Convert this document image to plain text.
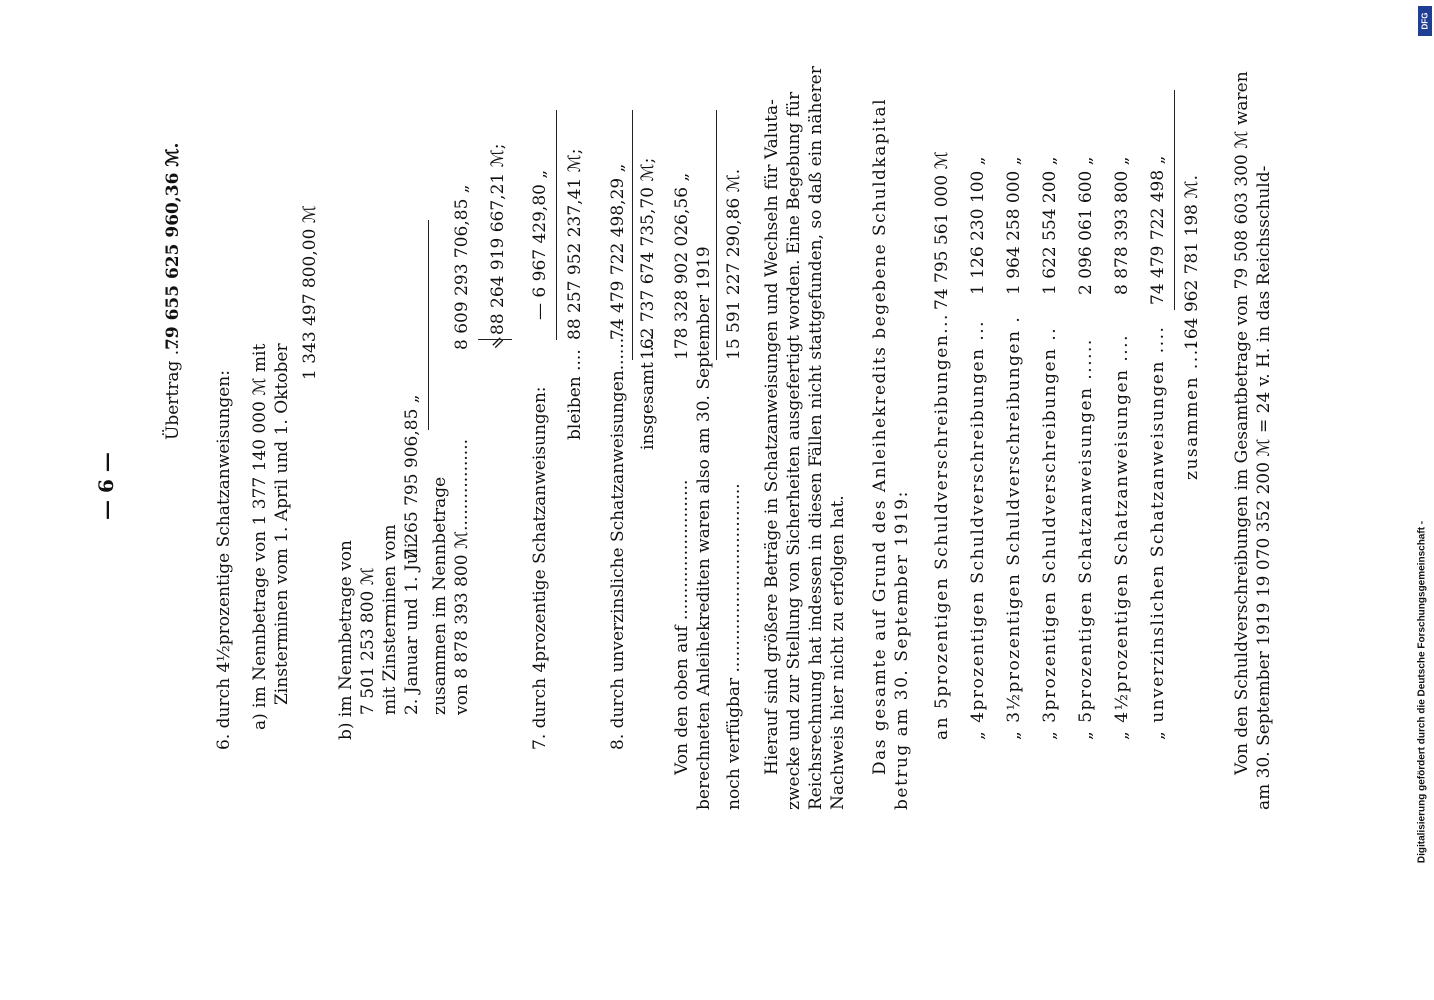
— 6 —
Übertrag ....
79 655 625 960,36 ℳ.
6. durch 4½prozentige Schatzanweisungen: a) im Nennbetrage von 1 377 140 000 ℳ mit Zinsterminen vom 1. April und 1. Oktober
1 343 497 800,00 ℳ
b) im Nennbetrage von 7 501 253 800 ℳ mit Zinsterminen vom 2. Januar und 1. Juli
7 265 795 906,85 „ zusammen im Nennbetrage von 8 878 393 800 ℳ.................
8 609 293 706,85 „ =
88 264 919 667,21 ℳ;
7. durch 4prozentige Schatzanweisungen:
— 6 967 429,80 „
bleiben ....
88 257 952 237,41 ℳ;
8. durch unverzinsliche Schatzanweisungen........
74 479 722 498,29 „
insgesamt ....
162 737 674 735,70 ℳ;
Von den oben auf ..........................
178 328 902 026,56 „ berechneten Anleihekrediten waren also am 30. September 1919 noch verfügbar ...................................
15 591 227 290,86 ℳ. Hierauf sind größere Beträge in Schatzanweisungen und Wechseln für Valuta- zwecke und zur Stellung von Sicherheiten ausgefertigt worden. Eine Begebung für Reichsrechnung hat indessen in diesen Fällen nicht stattgefunden, so daß ein näherer Nachweis hier nicht zu erfolgen hat. Das gesamte auf Grund des Anleihekredits begebene Schuldkapital betrug am 30. September 1919: an 5prozentigen Schuldverschreibungen...
74 795 561 000 ℳ
„ 4prozentigen Schuldverschreibungen ...
1 126 230 100 „
„ 3½prozentigen Schuldverschreibungen .
1 964 258 000 „
„ 3prozentigen Schuldverschreibungen ..
1 622 554 200 „
„ 5prozentigen Schatzanweisungen ......
2 096 061 600 „
„ 4½prozentigen Schatzanweisungen ....
8 878 393 800 „
„ unverzinslichen Schatzanweisungen ....
74 479 722 498 „
zusammen ....
164 962 781 198 ℳ. Von den Schuldverschreibungen im Gesamtbetrage von 79 508 603 300 ℳ waren am 30. September 1919 19 070 352 200 ℳ = 24 v. H. in das Reichsschuld-	Digitalisierung gefördert durch die Deutsche Forschungsgemeinschaft -
DFG
